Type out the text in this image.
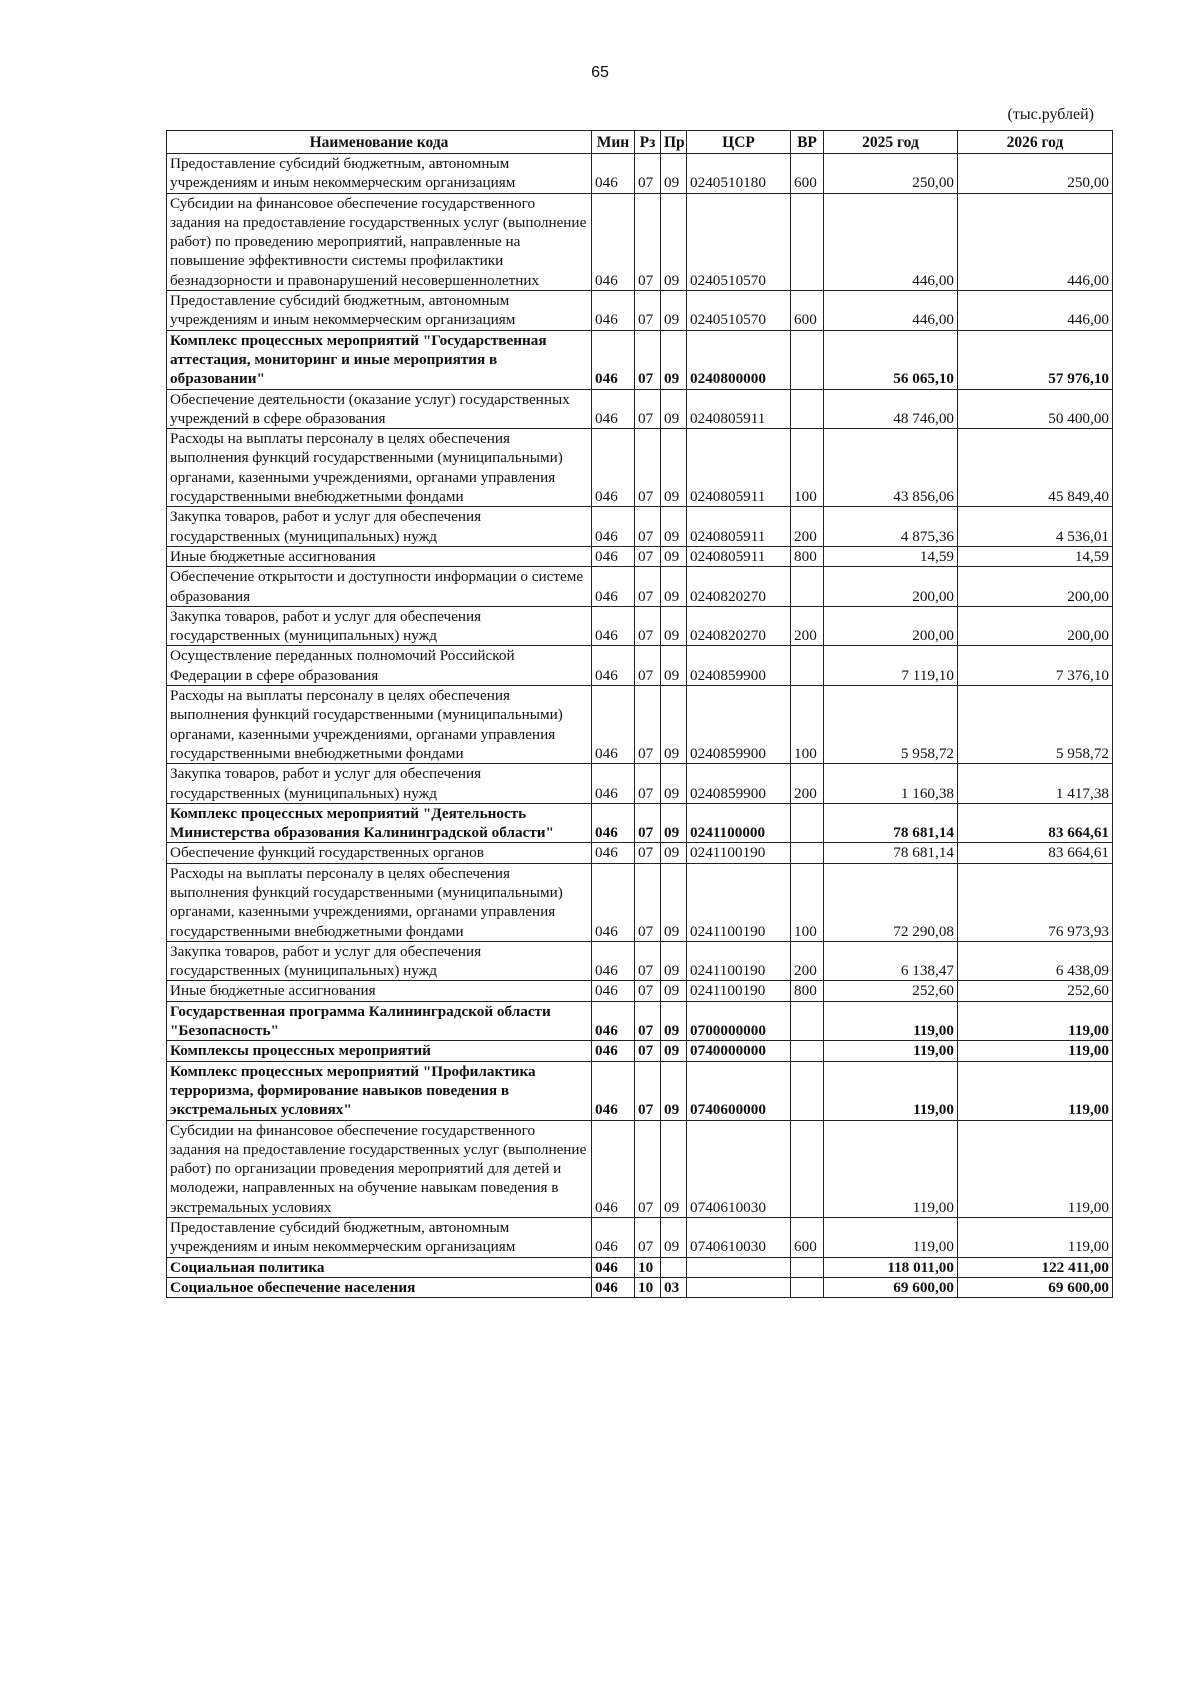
65
(тыс.рублей)
Наименование кода	Мин	Рз	Пр	ЦСР	ВР	2025 год	2026 год
Предоставление субсидий бюджетным, автономным учреждениям и иным некоммерческим организациям	046	07	09	0240510180	600	250,00	250,00
Субсидии на финансовое обеспечение государственного задания на предоставление государственных услуг (выполнение работ) по проведению мероприятий, направленные на повышение эффективности системы профилактики безнадзорности и правонарушений несовершеннолетних	046	07	09	0240510570		446,00	446,00
Предоставление субсидий бюджетным, автономным учреждениям и иным некоммерческим организациям	046	07	09	0240510570	600	446,00	446,00
Комплекс процессных мероприятий "Государственная аттестация, мониторинг и иные мероприятия в образовании"	046	07	09	0240800000		56 065,10	57 976,10
Обеспечение деятельности (оказание услуг) государственных учреждений в сфере образования	046	07	09	0240805911		48 746,00	50 400,00
Расходы на выплаты персоналу в целях обеспечения выполнения функций государственными (муниципальными) органами, казенными учреждениями, органами управления государственными внебюджетными фондами	046	07	09	0240805911	100	43 856,06	45 849,40
Закупка товаров, работ и услуг для обеспечения государственных (муниципальных) нужд	046	07	09	0240805911	200	4 875,36	4 536,01
Иные бюджетные ассигнования	046	07	09	0240805911	800	14,59	14,59
Обеспечение открытости и доступности информации о системе образования	046	07	09	0240820270		200,00	200,00
Закупка товаров, работ и услуг для обеспечения государственных (муниципальных) нужд	046	07	09	0240820270	200	200,00	200,00
Осуществление переданных полномочий Российской Федерации в сфере образования	046	07	09	0240859900		7 119,10	7 376,10
Расходы на выплаты персоналу в целях обеспечения выполнения функций государственными (муниципальными) органами, казенными учреждениями, органами управления государственными внебюджетными фондами	046	07	09	0240859900	100	5 958,72	5 958,72
Закупка товаров, работ и услуг для обеспечения государственных (муниципальных) нужд	046	07	09	0240859900	200	1 160,38	1 417,38
Комплекс процессных мероприятий "Деятельность Министерства образования Калининградской области"	046	07	09	0241100000		78 681,14	83 664,61
Обеспечение функций государственных органов	046	07	09	0241100190		78 681,14	83 664,61
Расходы на выплаты персоналу в целях обеспечения выполнения функций государственными (муниципальными) органами, казенными учреждениями, органами управления государственными внебюджетными фондами	046	07	09	0241100190	100	72 290,08	76 973,93
Закупка товаров, работ и услуг для обеспечения государственных (муниципальных) нужд	046	07	09	0241100190	200	6 138,47	6 438,09
Иные бюджетные ассигнования	046	07	09	0241100190	800	252,60	252,60
Государственная программа Калининградской области "Безопасность"	046	07	09	0700000000		119,00	119,00
Комплексы процессных мероприятий	046	07	09	0740000000		119,00	119,00
Комплекс процессных мероприятий "Профилактика терроризма, формирование навыков поведения в экстремальных условиях"	046	07	09	0740600000		119,00	119,00
Субсидии на финансовое обеспечение государственного задания на предоставление государственных услуг (выполнение работ) по организации проведения мероприятий для детей и молодежи, направленных на обучение навыкам поведения в экстремальных условиях	046	07	09	0740610030		119,00	119,00
Предоставление субсидий бюджетным, автономным учреждениям и иным некоммерческим организациям	046	07	09	0740610030	600	119,00	119,00
Социальная политика	046	10				118 011,00	122 411,00
Социальное обеспечение населения	046	10	03			69 600,00	69 600,00
